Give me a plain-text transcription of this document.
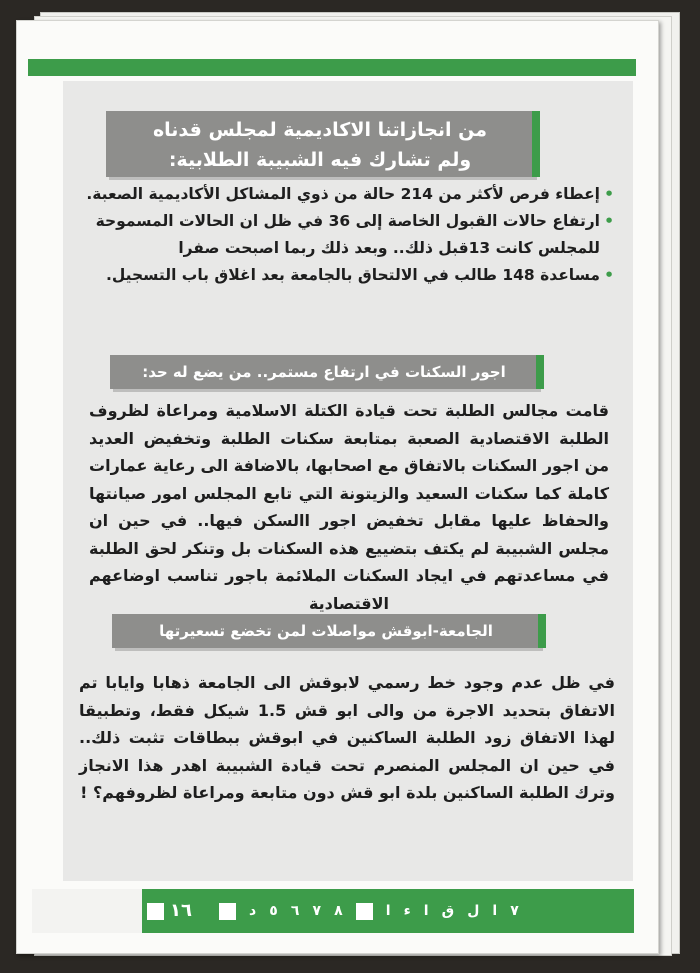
من انجازاتنا الاكاديمية لمجلس قدناه
ولم تشارك فيه الشبيبة الطلابية:
• إعطاء فرص لأكثر من 214 حالة من ذوي المشاكل الأكاديمية الصعبة.
• ارتفاع حالات القبول الخاصة إلى 36 في ظل ان الحالات المسموحة للمجلس كانت 13قبل ذلك.. وبعد ذلك ربما اصبحت صفرا
• مساعدة 148 طالب في الالتحاق بالجامعة بعد اغلاق باب التسجيل.
اجور السكنات في ارتفاع مستمر.. من يضع له حد:

قامت مجالس الطلبة تحت قيادة الكتلة الاسلامية ومراعاة لظروف الطلبة الاقتصادية الصعبة بمتابعة سكنات الطلبة وتخفيض العديد من اجور السكنات بالاتفاق مع اصحابها، بالاضافة الى رعاية عمارات كاملة كما سكنات السعيد والزيتونة التي تابع المجلس امور صيانتها والحفاظ عليها مقابل تخفيض اجور االسكن فيها.. في حين ان مجلس الشبيبة لم يكتف بتضييع هذه السكنات بل وتنكر لحق الطلبة في مساعدتهم في ايجاد السكنات الملائمة باجور تناسب اوضاعهم الاقتصادية

الجامعة-ابوقش مواصلات لمن تخضع تسعيرتها

في ظل عدم وجود خط رسمي لابوقش الى الجامعة ذهابا وايابا تم الاتفاق بتحديد الاجرة من والى ابو قش 1.5 شيكل فقط، وتطبيقا لهذا الاتفاق زود الطلبة الساكنين في ابوقش ببطاقات تثبت ذلك.. في حين ان المجلس المنصرم تحت قيادة الشبيبة اهدر هذا الانجاز وترك الطلبة الساكنين بلدة ابو قش دون متابعة ومراعاة لظروفهم؟ !

١٦	د ٥ ٦ ٧ ٨	ا ء ا ق ل ا ٧
